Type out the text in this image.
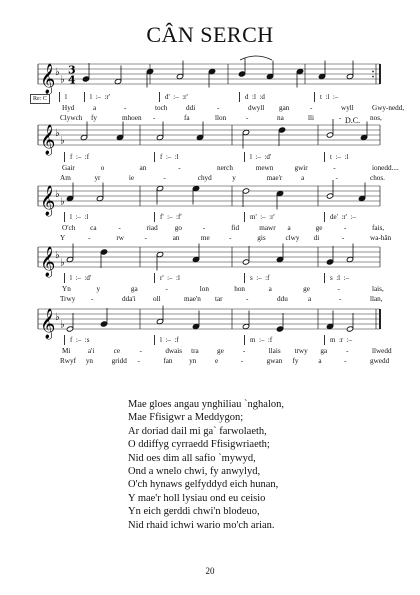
CÂN SERCH
𝄞 ♭
♭
3
4
𝄞 ♭
♭
𝄞 ♭
♭
𝄞 ♭
♭
𝄞 ♭
♭
Re: C
D.C.
l	l  :–  :r'	d'  :–  :r'	d  :l  :d	t  :l  :–
Hyd	a	-	toch	ddi	-	dwyll gan	-	wyll	Gwy-nedd,
Clywch fy	mhoen -	fa	llon	-	na	lli	-	nos,
f  :–  :f	f  :–  :l	l  :–  :d'	t  :–  :l
Gair	o	an	-	nerch	mewn	gwir	-	ionedd....
Am	yr	ie	-	chyd	y	mae'r	a	-	chos.
l  :–  :l	f'  :–  :f'	m'  :–  :r'	de'  :r'  :–
O'ch ca	-	riad go	-	fid	mawr a	ge	-	fais,
Y	-	rw	-	an	me	-	gis	clwy di	-	wa-hân
l  :–  :d'	r'  :–  :l	s  :–  :f	s  :l  :–
Yn	y	ga	-	lon	hon	a	ge	-	lais,
Trwy -	dda'i oll	mae'n tar	-	ddu	a	-	llan,
f  :–  :s	l  :–  :f	m  :–  :f	m  :r  :–
Mi a'i	ce	-	dwais tra	ge	-	llais trwy ga	-	llwedd
Rwyf yn	gridd -	fan yn	e	-	gwan fy	a	-	gwedd
Mae gloes angau ynghiliau `nghalon,
Mae Ffisigwr a Meddygon;
Ar doriad dail mi ga` farwolaeth,
O ddiffyg cyrraedd Ffisigwriaeth;
Nid oes dim all safio `mywyd,
Ond a wnelo chwi, fy anwylyd,
O'ch hynaws gelfyddyd eich hunan,
Y mae'r holl lysiau ond eu ceisio
Yn eich gerddi chwi'n blodeuo,
Nid rhaid ichwi wario mo'ch arian.
20
